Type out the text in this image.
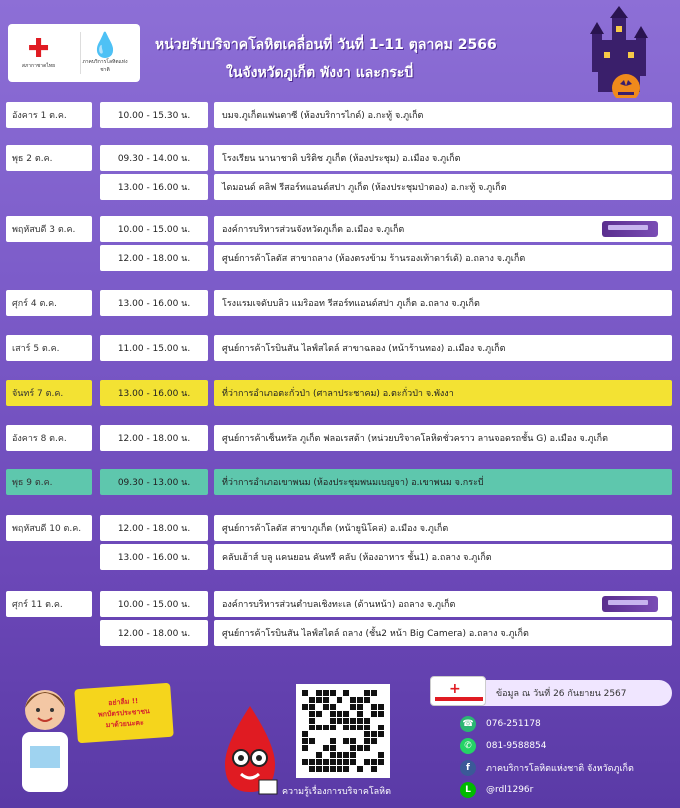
✚
สภากาชาดไทย
💧
ภาคบริการโลหิตแห่งชาติ
หน่วยรับบริจาคโลหิตเคลื่อนที่ วันที่ 1-11 ตุลาคม 2566
ในจังหวัดภูเก็ต พังงา และกระบี่
อังคาร 1 ต.ค.	10.00 - 15.30 น.	บมจ.ภูเก็ตแฟนตาซี (ห้องบริการไกด์) อ.กะทู้ จ.ภูเก็ต
พุธ 2 ต.ค.	09.30 - 14.00 น.	โรงเรียน นานาชาติ บริติช ภูเก็ต (ห้องประชุม) อ.เมือง จ.ภูเก็ต
13.00 - 16.00 น.	ไดมอนด์ คลิฟ รีสอร์ทแอนด์สปา ภูเก็ต (ห้องประชุมป่าตอง) อ.กะทู้ จ.ภูเก็ต
พฤหัสบดี 3 ต.ค.	10.00 - 15.00 น.	องค์การบริหารส่วนจังหวัดภูเก็ต อ.เมือง จ.ภูเก็ต
12.00 - 18.00 น.	ศูนย์การค้าโลตัส สาขาถลาง (ห้องตรงข้าม ร้านรองเท้าดาร์เด้) อ.ถลาง จ.ภูเก็ต
ศุกร์ 4 ต.ค.	13.00 - 16.00 น.	โรงแรมเจดับบลิว แมริออท รีสอร์ทแอนด์สปา ภูเก็ต อ.ถลาง จ.ภูเก็ต
เสาร์ 5 ต.ค.	11.00 - 15.00 น.	ศูนย์การค้าโรบินสัน ไลฟ์สไตล์ สาขาฉลอง (หน้าร้านทอง) อ.เมือง จ.ภูเก็ต
จันทร์ 7 ต.ค.	13.00 - 16.00 น.	ที่ว่าการอำเภอตะกั่วป่า (ศาลาประชาคม) อ.ตะกั่วป่า จ.พังงา
อังคาร 8 ต.ค.	12.00 - 18.00 น.	ศูนย์การค้าเซ็นทรัล ภูเก็ต ฟลอเรสต้า (หน่วยบริจาคโลหิตชั่วคราว ลานจอดรถชั้น G) อ.เมือง จ.ภูเก็ต
พุธ 9 ต.ค.	09.30 - 13.00 น.	ที่ว่าการอำเภอเขาพนม (ห้องประชุมพนมเบญจา) อ.เขาพนม จ.กระบี่
พฤหัสบดี 10 ต.ค.	12.00 - 18.00 น.	ศูนย์การค้าโลตัส สาขาภูเก็ต (หน้ายูนิโคล่) อ.เมือง จ.ภูเก็ต
13.00 - 16.00 น.	คลับเฮ้าส์ บลู แคนยอน คันทรี คลับ (ห้องอาหาร ชั้น1) อ.ถลาง จ.ภูเก็ต
ศุกร์ 11 ต.ค.	10.00 - 15.00 น.	องค์การบริหารส่วนตำบลเชิงทะเล (ด้านหน้า) อถลาง จ.ภูเก็ต
12.00 - 18.00 น.	ศูนย์การค้าโรบินสัน ไลฟ์สไตล์ ถลาง (ชั้น2 หน้า Big Camera) อ.ถลาง จ.ภูเก็ต
อย่าลืม !!
พกบัตรประชาชน
มาด้วยนะคะ
ความรู้เรื่องการบริจาคโลหิต
ข้อมูล ณ วันที่ 26 กันยายน 2567
+
☎ 076-251178
✆	081-9588854
f	ภาคบริการโลหิตแห่งชาติ จังหวัดภูเก็ต
L	@rdl1296r
